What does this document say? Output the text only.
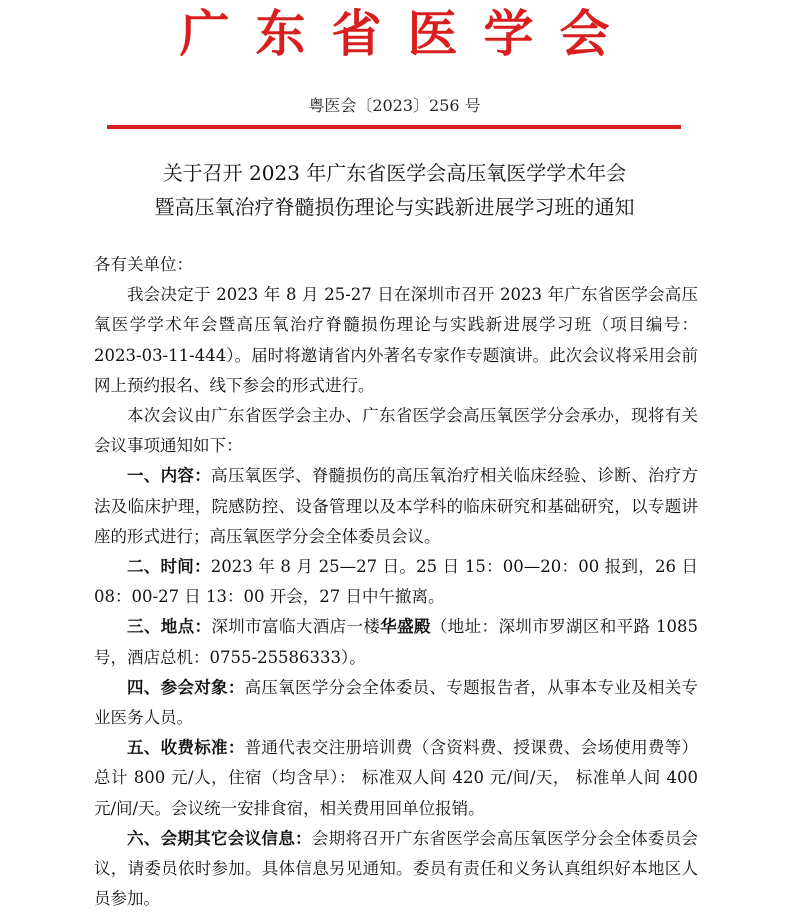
广东省医学会
粤医会〔2023〕256 号
关于召开 2023 年广东省医学会高压氧医学学术年会
暨高压氧治疗脊髓损伤理论与实践新进展学习班的通知

各有关单位：

我会决定于 2023 年 8 月 25-27 日在深圳市召开 2023 年广东省医学会高压氧医学学术年会暨高压氧治疗脊髓损伤理论与实践新进展学习班（项目编号：2023-03-11-444）。届时将邀请省内外著名专家作专题演讲。此次会议将采用会前网上预约报名、线下参会的形式进行。

本次会议由广东省医学会主办、广东省医学会高压氧医学分会承办，现将有关会议事项通知如下：

一、内容：高压氧医学、脊髓损伤的高压氧治疗相关临床经验、诊断、治疗方法及临床护理，院感防控、设备管理以及本学科的临床研究和基础研究，以专题讲座的形式进行；高压氧医学分会全体委员会议。

二、时间：2023 年 8 月 25—27 日。25 日 15：00—20：00 报到，26 日 08：00-27 日 13：00 开会，27 日中午撤离。

三、地点：深圳市富临大酒店一楼华盛殿（地址：深圳市罗湖区和平路 1085 号，酒店总机：0755-25586333）。

四、参会对象：高压氧医学分会全体委员、专题报告者，从事本专业及相关专业医务人员。

五、收费标准：普通代表交注册培训费（含资料费、授课费、会场使用费等）总计 800 元/人，住宿（均含早）： 标准双人间 420 元/间/天， 标准单人间 400 元/间/天。会议统一安排食宿，相关费用回单位报销。

六、会期其它会议信息：会期将召开广东省医学会高压氧医学分会全体委员会议，请委员依时参加。具体信息另见通知。委员有责任和义务认真组织好本地区人员参加。
